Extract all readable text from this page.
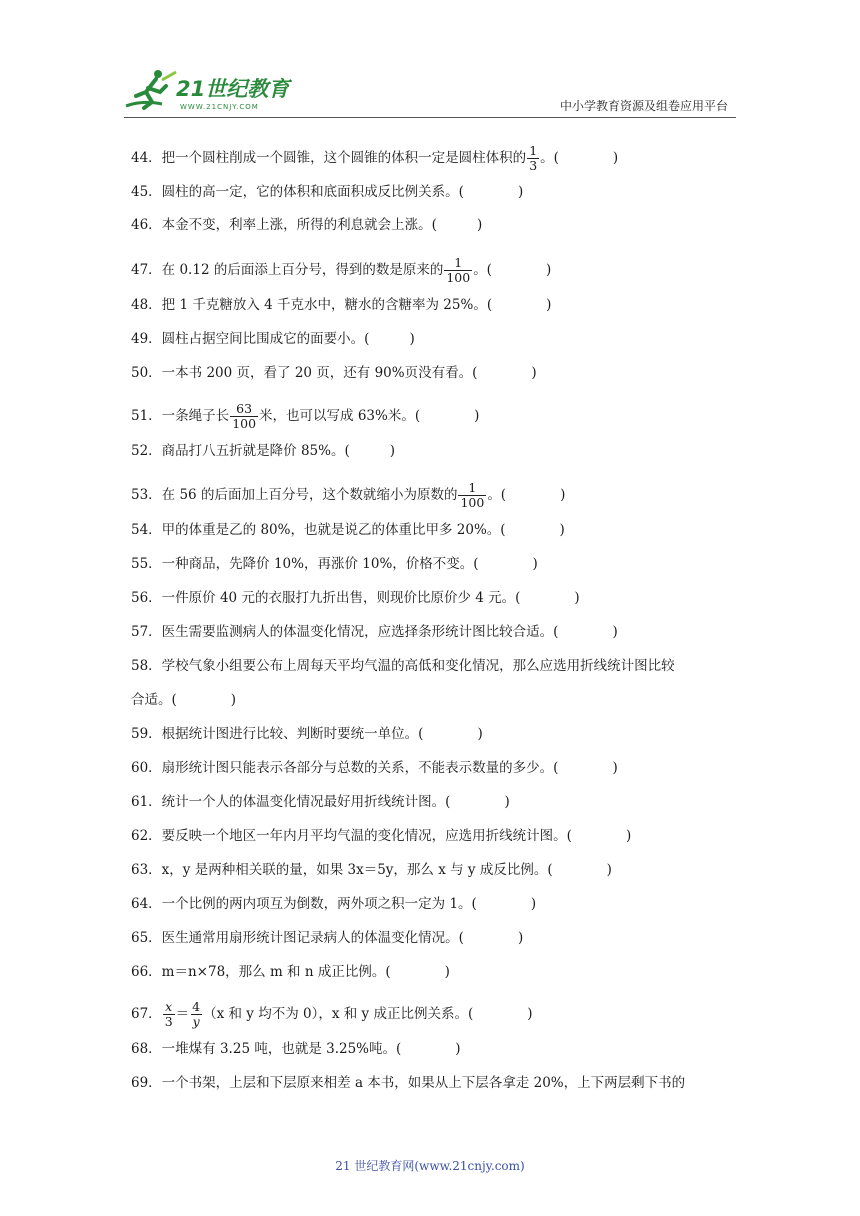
21世纪教育
WWW.21CNJY.COM	中小学教育资源及组卷应用平台
44．把一个圆柱削成一个圆锥，这个圆锥的体积一定是圆柱体积的 $\frac{1}{3}$ 。(	)
45．圆柱的高一定，它的体积和底面积成反比例关系。(	)
46．本金不变，利率上涨，所得的利息就会上涨。(	)
47．在 0.12 的后面添上百分号，得到的数是原来的 $\frac{1}{100}$ 。(	)
48．把 1 千克糖放入 4 千克水中，糖水的含糖率为 25%。(	)
49．圆柱占据空间比围成它的面要小。(	)
50．一本书 200 页，看了 20 页，还有 90%页没有看。(	)
51．一条绳子长 $\frac{63}{100}$ 米，也可以写成 63%米。(	)
52．商品打八五折就是降价 85%。(	)
53．在 56 的后面加上百分号，这个数就缩小为原数的 $\frac{1}{100}$ 。(	)
54．甲的体重是乙的 80%，也就是说乙的体重比甲多 20%。(	)
55．一种商品，先降价 10%，再涨价 10%，价格不变。(	)
56．一件原价 40 元的衣服打九折出售，则现价比原价少 4 元。(	)
57．医生需要监测病人的体温变化情况，应选择条形统计图比较合适。(	)
58．学校气象小组要公布上周每天平均气温的高低和变化情况，那么应选用折线统计图比较
合适。(	)
59．根据统计图进行比较、判断时要统一单位。(	)
60．扇形统计图只能表示各部分与总数的关系，不能表示数量的多少。(	)
61．统计一个人的体温变化情况最好用折线统计图。(	)
62．要反映一个地区一年内月平均气温的变化情况，应选用折线统计图。(	)
63．x，y 是两种相关联的量，如果 3x＝5y，那么 x 与 y 成反比例。(	)
64．一个比例的两内项互为倒数，两外项之积一定为 1。(	)
65．医生通常用扇形统计图记录病人的体温变化情况。(	)
66．m＝n×78，那么 m 和 n 成正比例。(	)
67． $\frac{x}{3} = \frac{4}{y} (x$ 和 y 均不为 0），x 和 y 成正比例关系。(	)
68．一堆煤有 3.25 吨，也就是 3.25%吨。(	)
69．一个书架，上层和下层原来相差 a 本书，如果从上下层各拿走 20%，上下两层剩下书的
21 世纪教育网(www.21cnjy.com)
